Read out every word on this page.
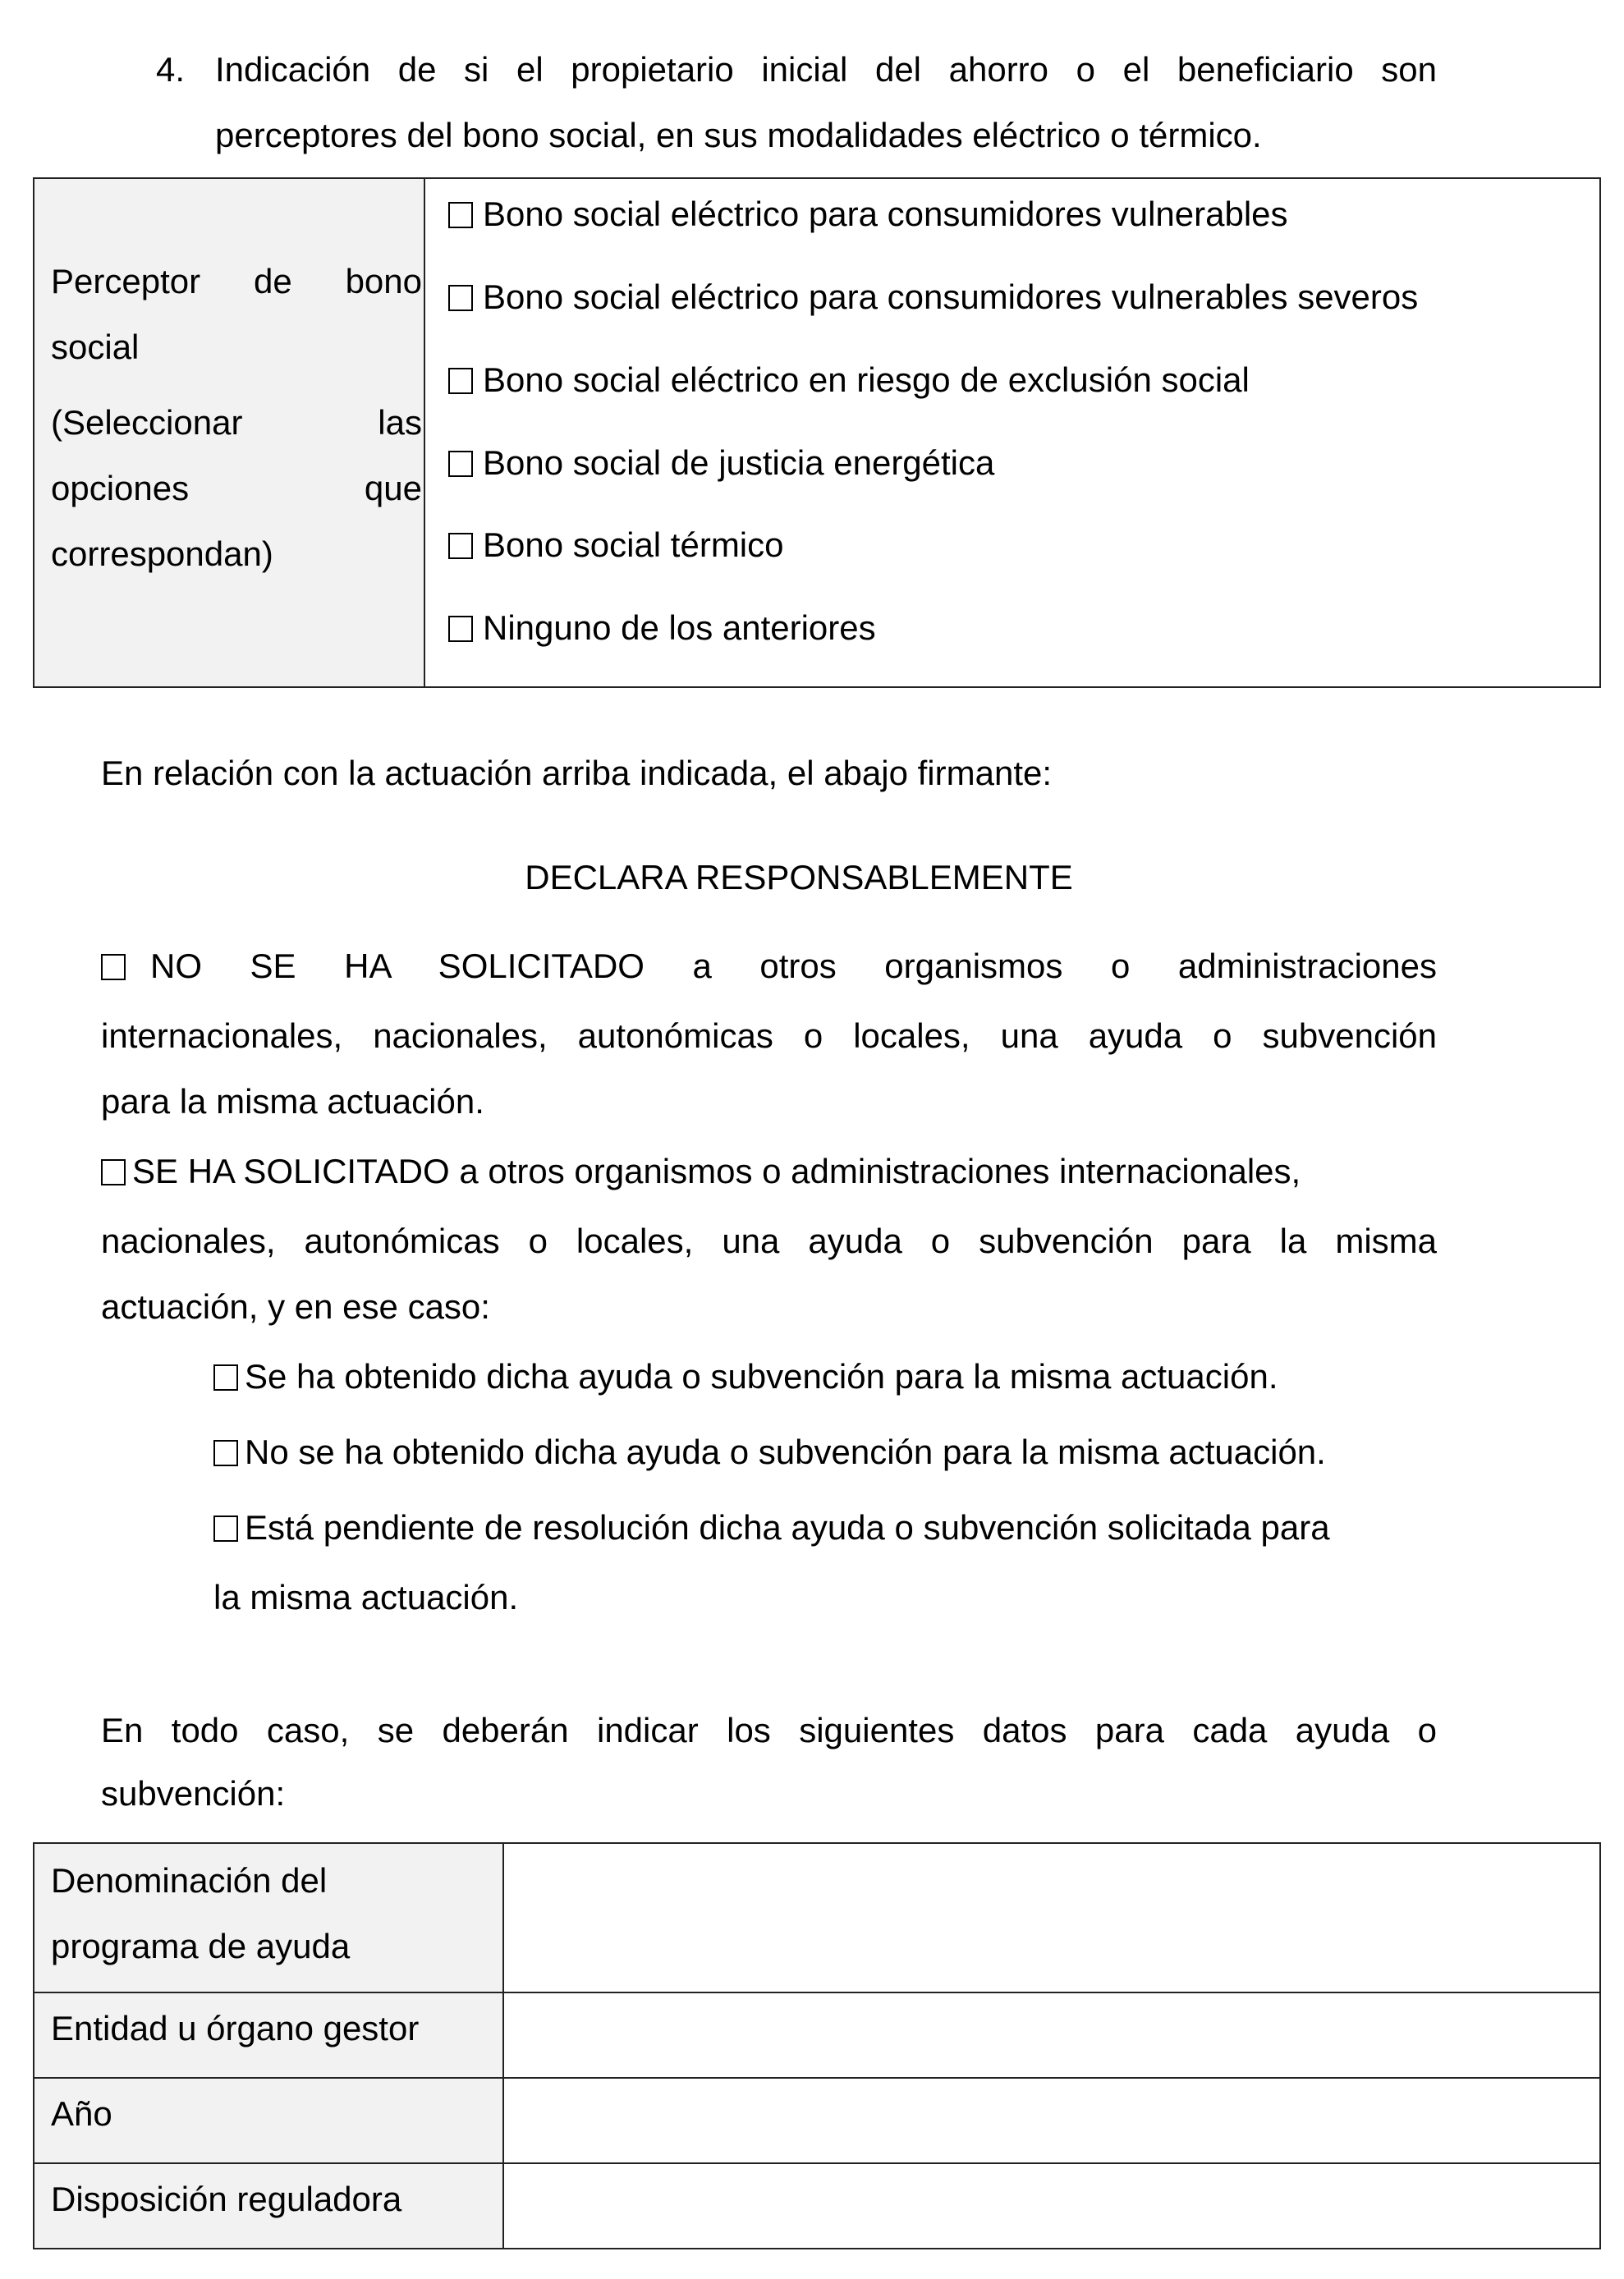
4. Indicación de si el propietario inicial del ahorro o el beneficiario son
perceptores del bono social, en sus modalidades eléctrico o térmico.
Perceptor de bono
social
(Seleccionar las
opciones que
correspondan)

Bono social eléctrico para consumidores vulnerables
Bono social eléctrico para consumidores vulnerables severos
Bono social eléctrico en riesgo de exclusión social
Bono social de justicia energética
Bono social térmico
Ninguno de los anteriores
En relación con la actuación arriba indicada, el abajo firmante:
DECLARA RESPONSABLEMENTE
NO SE HA SOLICITADO a otros organismos o administraciones
internacionales, nacionales, autonómicas o locales, una ayuda o subvención
para la misma actuación.
SE HA SOLICITADO a otros organismos o administraciones internacionales,
nacionales, autonómicas o locales, una ayuda o subvención para la misma
actuación, y en ese caso:
Se ha obtenido dicha ayuda o subvención para la misma actuación.
No se ha obtenido dicha ayuda o subvención para la misma actuación.
Está pendiente de resolución dicha ayuda o subvención solicitada para
la misma actuación.
En todo caso, se deberán indicar los siguientes datos para cada ayuda o
subvención:
Denominación del
programa de ayuda	

Entidad u órgano gestor	

Año	

Disposición reguladora	
